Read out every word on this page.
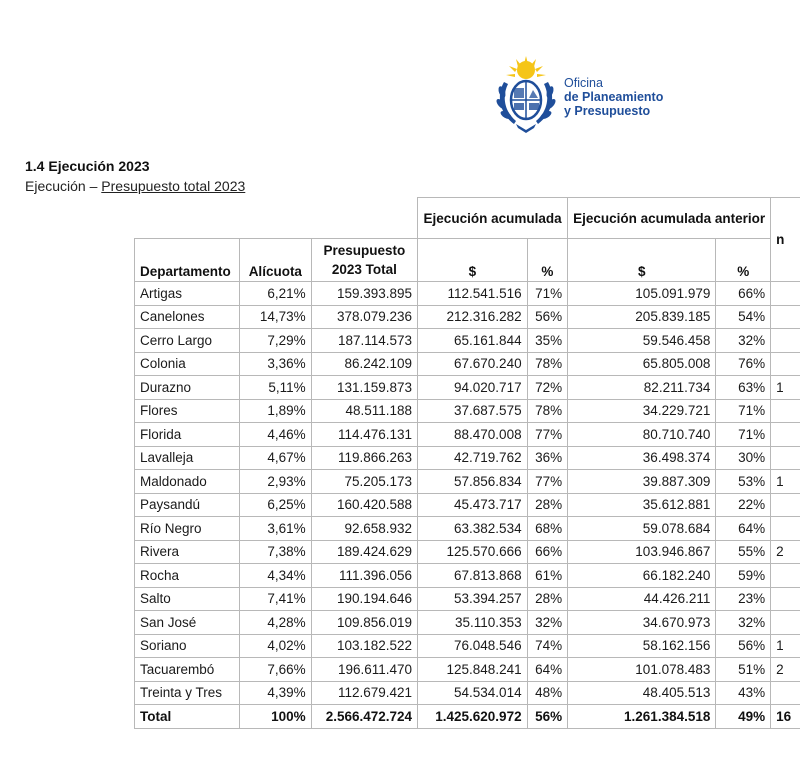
Oficina
de Planeamiento
y Presupuesto
1.4 Ejecución 2023
Ejecución – Presupuesto total 2023
			Ejecución acumulada		Ejecución acumulada anterior		n
Departamento	Alícuota	Presupuesto 2023 Total	$	%	$	%	
Artigas	6,21%	159.393.895	112.541.516	71%	105.091.979	66%	
Canelones	14,73%	378.079.236	212.316.282	56%	205.839.185	54%	
Cerro Largo	7,29%	187.114.573	65.161.844	35%	59.546.458	32%	
Colonia	3,36%	86.242.109	67.670.240	78%	65.805.008	76%	
Durazno	5,11%	131.159.873	94.020.717	72%	82.211.734	63%	1
Flores	1,89%	48.511.188	37.687.575	78%	34.229.721	71%	
Florida	4,46%	114.476.131	88.470.008	77%	80.710.740	71%	
Lavalleja	4,67%	119.866.263	42.719.762	36%	36.498.374	30%	
Maldonado	2,93%	75.205.173	57.856.834	77%	39.887.309	53%	1
Paysandú	6,25%	160.420.588	45.473.717	28%	35.612.881	22%	
Río Negro	3,61%	92.658.932	63.382.534	68%	59.078.684	64%	
Rivera	7,38%	189.424.629	125.570.666	66%	103.946.867	55%	2
Rocha	4,34%	111.396.056	67.813.868	61%	66.182.240	59%	
Salto	7,41%	190.194.646	53.394.257	28%	44.426.211	23%	
San José	4,28%	109.856.019	35.110.353	32%	34.670.973	32%	
Soriano	4,02%	103.182.522	76.048.546	74%	58.162.156	56%	1
Tacuarembó	7,66%	196.611.470	125.848.241	64%	101.078.483	51%	2
Treinta y Tres	4,39%	112.679.421	54.534.014	48%	48.405.513	43%	
Total	100%	2.566.472.724	1.425.620.972	56%	1.261.384.518	49%	16
